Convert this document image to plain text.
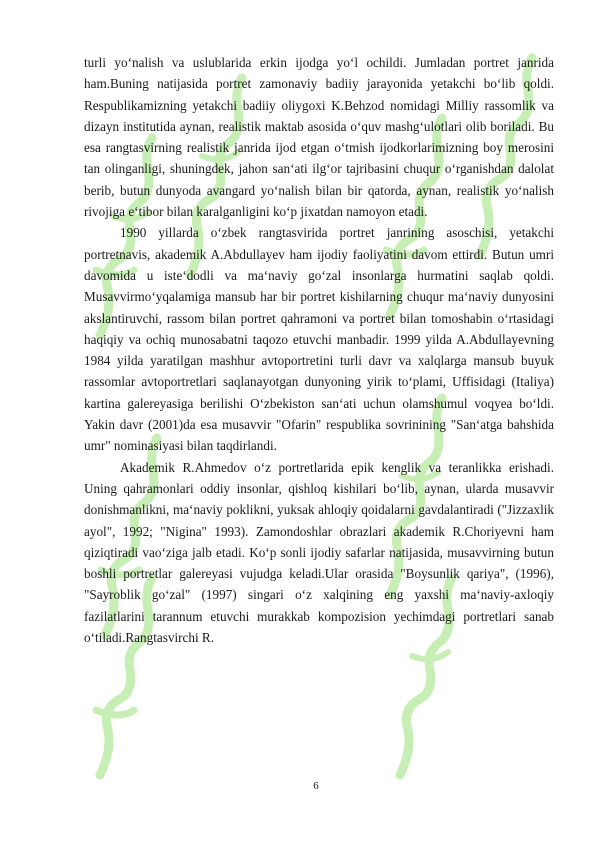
turli yo‘nalish va uslublarida erkin ijodga yo‘l ochildi. Jumladan portret janrida ham.Buning natijasida portret zamonaviy badiiy jarayonida yetakchi bo‘lib qoldi. Respublikamizning yetakchi badiiy oliygoxi K.Behzod nomidagi Milliy rassomlik va dizayn institutida aynan, realistik maktab asosida o‘quv mashg‘ulotlari olib boriladi. Bu esa rangtasvirning realistik janrida ijod etgan o‘tmish ijodkorlarimizning boy merosini tan olinganligi, shuningdek, jahon san‘ati ilg‘or tajribasini chuqur o‘rganishdan dalolat berib, butun dunyoda avangard yo‘nalish bilan bir qatorda, aynan, realistik yo‘nalish rivojiga e‘tibor bilan karalganligini ko‘p jixatdan namoyon etadi.

1990 yillarda o‘zbek rangtasvirida portret janrining asoschisi, yetakchi portretnavis, akademik A.Abdullayev ham ijodiy faoliyatini davom ettirdi. Butun umri davomida u iste‘dodli va ma‘naviy go‘zal insonlarga hurmatini saqlab qoldi. Musavvirmo‘yqalamiga mansub har bir portret kishilarning chuqur ma‘naviy dunyosini akslantiruvchi, rassom bilan portret qahramoni va portret bilan tomoshabin o‘rtasidagi haqiqiy va ochiq munosabatni taqozo etuvchi manbadir. 1999 yilda A.Abdullayevning 1984 yilda yaratilgan mashhur avtoportretini turli davr va xalqlarga mansub buyuk rassomlar avtoportretlari saqlanayotgan dunyoning yirik to‘plami, Uffisidagi (Italiya) kartina galereyasiga berilishi O‘zbekiston san‘ati uchun olamshumul voqyea bo‘ldi. Yakin davr (2001)da esa musavvir "Ofarin" respublika sovrinining "San‘atga bahshida umr" nominasiyasi bilan taqdirlandi.

Akademik R.Ahmedov o‘z portretlarida epik kenglik va teranlikka erishadi. Uning qahramonlari oddiy insonlar, qishloq kishilari bo‘lib, aynan, ularda musavvir donishmanlikni, ma‘naviy poklikni, yuksak ahloqiy qoidalarni gavdalantiradi ("Jizzaxlik ayol", 1992; "Nigina" 1993). Zamondoshlar obrazlari akademik R.Choriyevni ham qiziqtiradi vao‘ziga jalb etadi. Ko‘p sonli ijodiy safarlar natijasida, musavvirning butun boshli portretlar galereyasi vujudga keladi.Ular orasida "Boysunlik qariya", (1996), "Sayroblik go‘zal" (1997) singari o‘z xalqining eng yaxshi ma‘naviy-axloqiy fazilatlarini tarannum etuvchi murakkab kompozision yechimdagi portretlari sanab o‘tiladi.Rangtasvirchi R.

6
